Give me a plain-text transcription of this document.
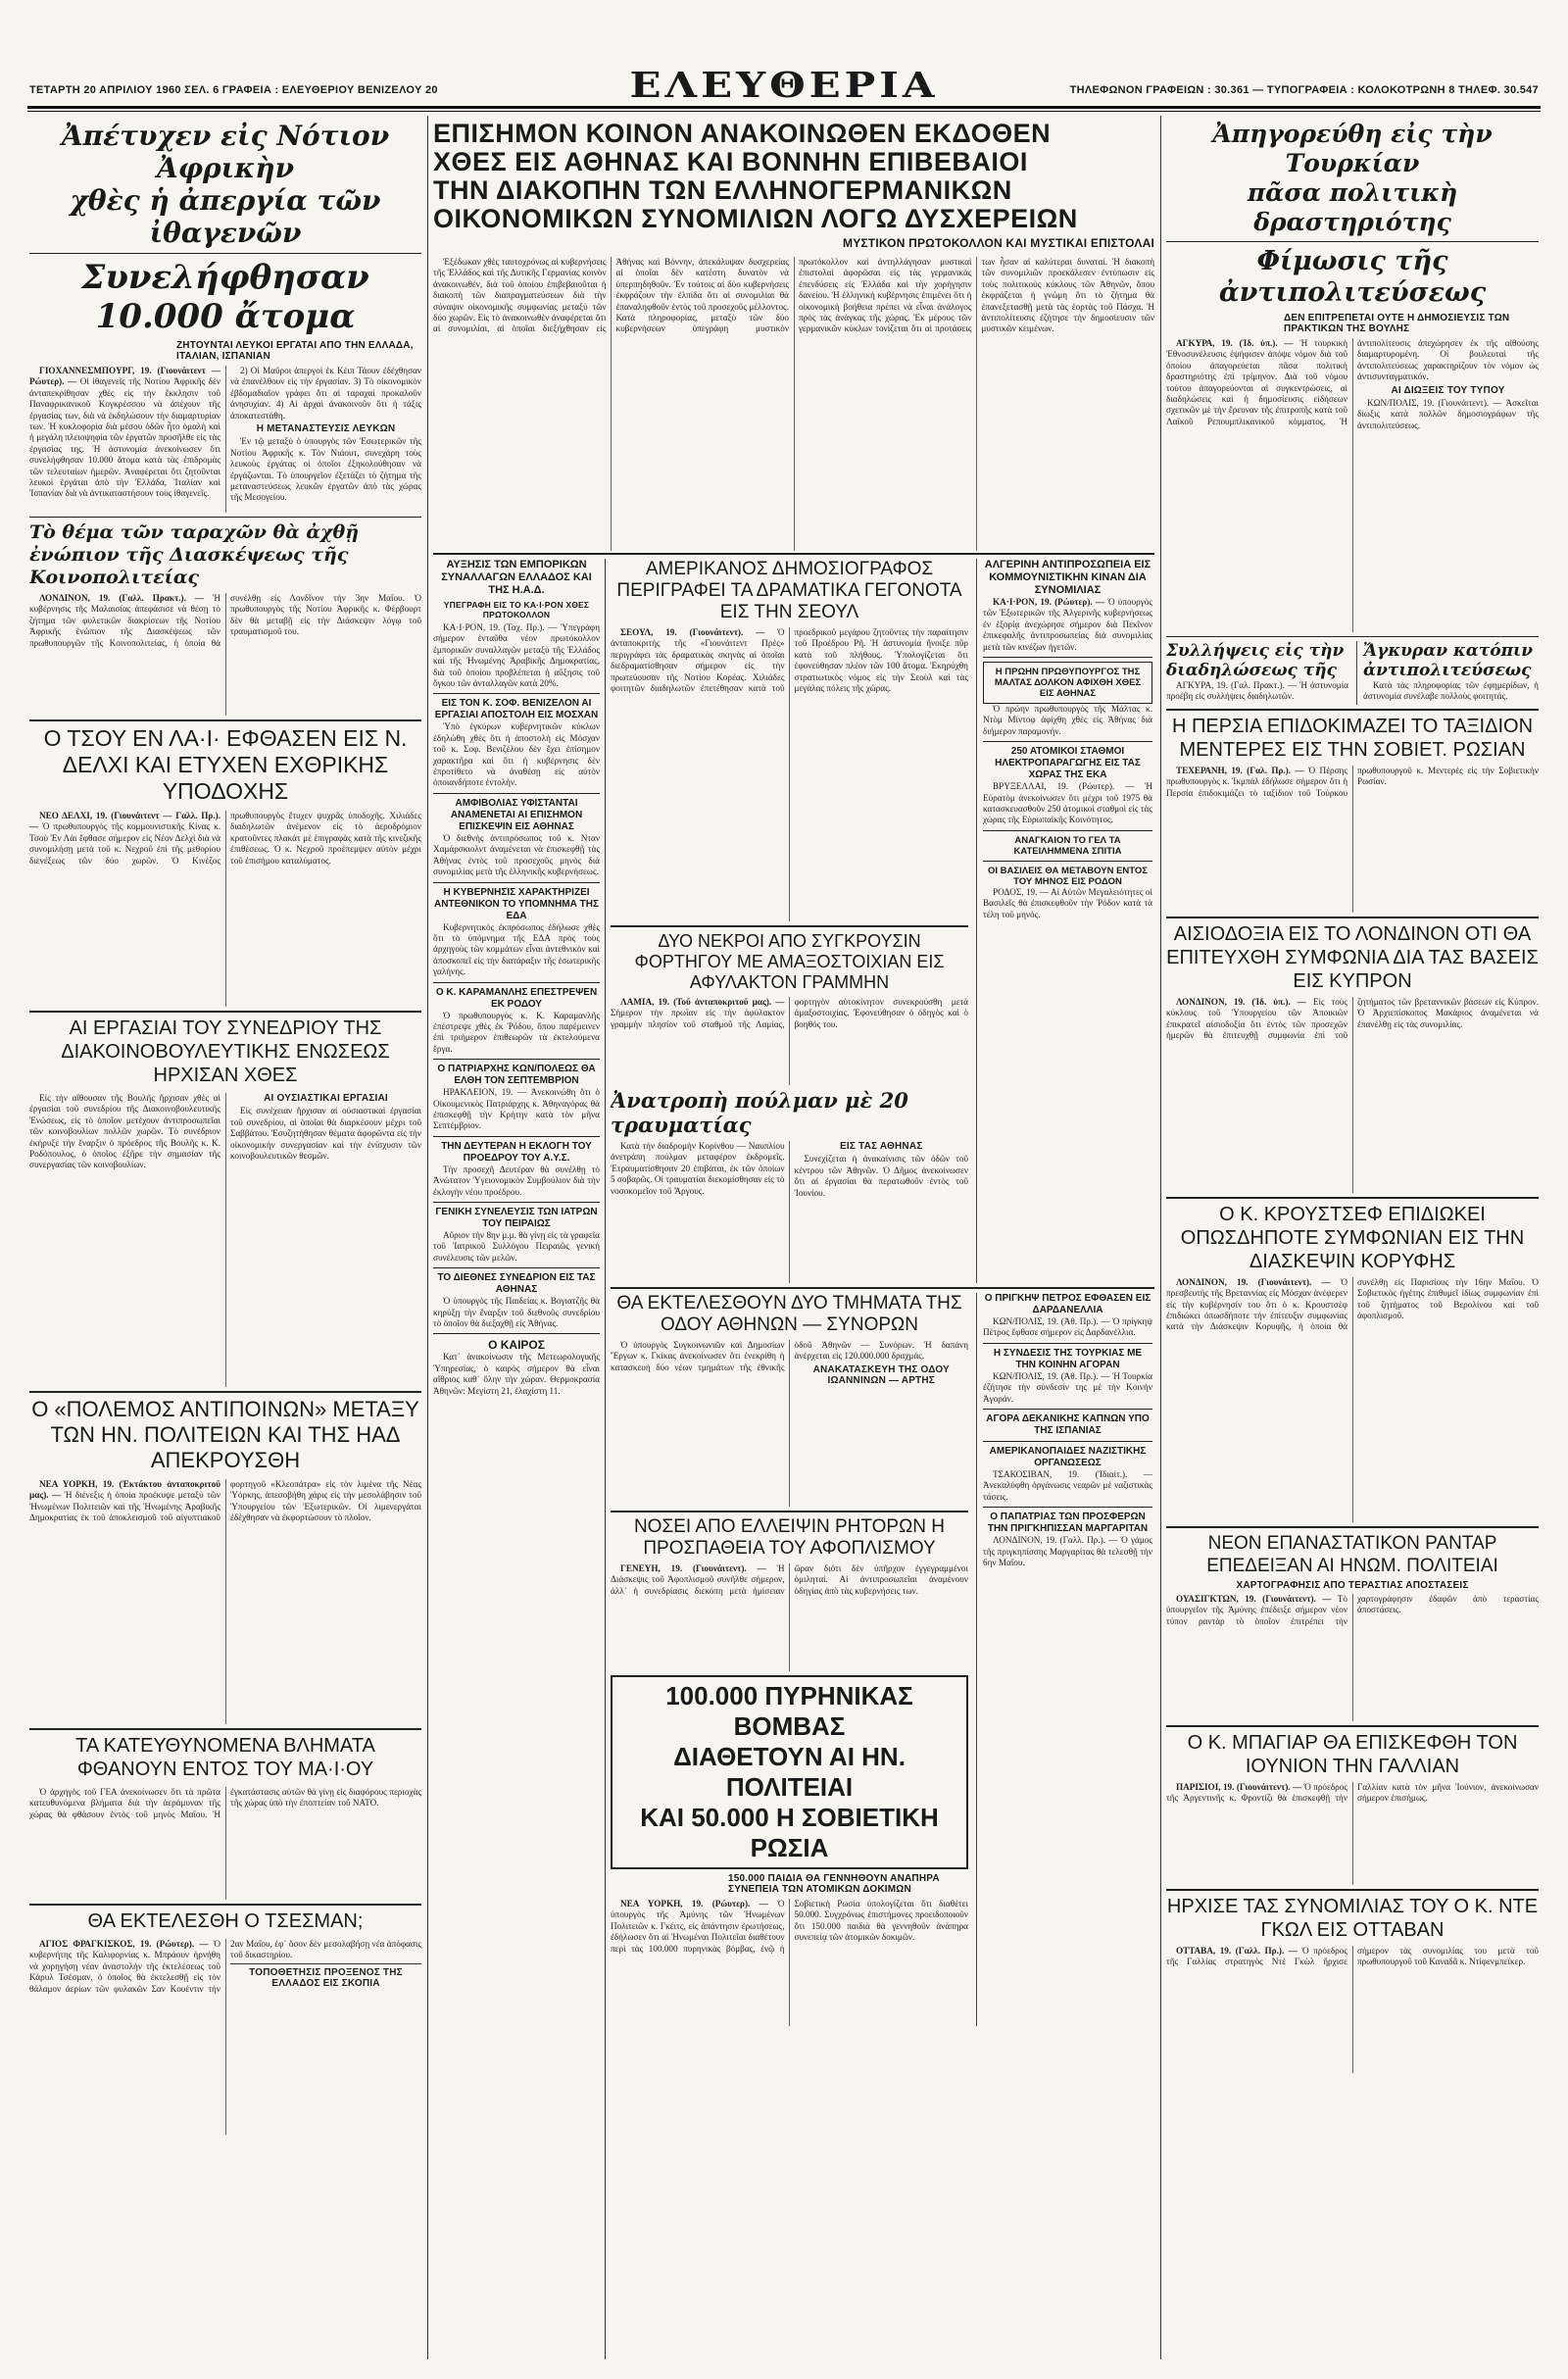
ΤΕΤΑΡΤΗ 20 ΑΠΡΙΛΙΟΥ 1960 ΣΕΛ. 6 ΓΡΑΦΕΙΑ : ΕΛΕΥΘΕΡΙΟΥ ΒΕΝΙΖΕΛΟΥ 20	ΕΛΕΥΘΕΡΙΑ	ΤΗΛΕΦΩΝΟΝ ΓΡΑΦΕΙΩΝ : 30.361 — ΤΥΠΟΓΡΑΦΕΙΑ : ΚΟΛΟΚΟΤΡΩΝΗ 8 ΤΗΛΕΦ. 30.547
Ἀπέτυχεν εἰς Νότιον Ἀφρικὴν
χθὲς ἡ ἀπεργία τῶν ἰθαγενῶν
Συνελήφθησαν 10.000 ἄτομα
ΖΗΤΟΥΝΤΑΙ ΛΕΥΚΟΙ ΕΡΓΑΤΑΙ ΑΠΟ ΤΗΝ ΕΛΛΑΔΑ, ΙΤΑΛΙΑΝ, ΙΣΠΑΝΙΑΝ

ΓΙΟΧΑΝΝΕΣΜΠΟΥΡΓ, 19. (Γιουνάιτεντ — Ρώυτερ). — Οἱ ἰθαγενεῖς τῆς Νοτίου Ἀφρικῆς δὲν ἀνταπεκρίθησαν χθὲς εἰς τὴν ἔκκλησιν τοῦ Παναφρικανικοῦ Κογκρέσσου νὰ ἀπέχουν τῆς ἐργασίας των, διὰ νὰ ἐκδηλώσουν τὴν διαμαρτυρίαν των. Ἡ κυκλοφορία διὰ μέσου ὁδῶν ἦτο ὁμαλὴ καὶ ἡ μεγάλη πλειοψηφία τῶν ἐργατῶν προσῆλθε εἰς τὰς ἐργασίας της. Ἡ ἀστυνομία ἀνεκοίνωσεν ὅτι συνελήφθησαν 10.000 ἄτομα κατὰ τὰς ἐπιδρομὰς τῶν τελευταίων ἡμερῶν. Ἀναφέρεται ὅτι ζητοῦνται λευκοὶ ἐργάται ἀπὸ τὴν Ἑλλάδα, Ἰταλίαν καὶ Ἱσπανίαν διὰ νὰ ἀντικαταστήσουν τοὺς ἰθαγενεῖς.

2) Οἱ Μαῦροι ἀπεργοὶ ἐκ Κέιπ Τάουν ἐδέχθησαν νὰ ἐπανέλθουν εἰς τὴν ἐργασίαν. 3) Τὸ οἰκονομικὸν ἐβδομαδιαῖον γράφει ὅτι αἱ ταραχαὶ προκαλοῦν ἀνησυχίαν. 4) Αἱ ἀρχαὶ ἀνακοινοῦν ὅτι ἡ τάξις ἀποκατεστάθη.

Η ΜΕΤΑΝΑΣΤΕΥΣΙΣ ΛΕΥΚΩΝ

Ἐν τῷ μεταξὺ ὁ ὑπουργὸς τῶν Ἐσωτερικῶν τῆς Νοτίου Ἀφρικῆς κ. Τὸν Νιάουτ, συνεχάρη τοὺς λευκοὺς ἐργάτας οἱ ὁποῖοι ἐξηκολούθησαν νὰ ἐργάζωνται. Τὸ ὑπουργεῖον ἐξετάζει τὸ ζήτημα τῆς μεταναστεύσεως λευκῶν ἐργατῶν ἀπὸ τὰς χώρας τῆς Μεσογείου.

Τὸ θέμα τῶν ταραχῶν θὰ ἀχθῇ ἐνώπιον τῆς Διασκέψεως τῆς Κοινοπολιτείας

ΛΟΝΔΙΝΟΝ, 19. (Γαλλ. Πρακτ.). — Ἡ κυβέρνησις τῆς Μαλαισίας ἀπεφάσισε νὰ θέσῃ τὸ ζήτημα τῶν φυλετικῶν διακρίσεων τῆς Νοτίου Ἀφρικῆς ἐνώπιον τῆς Διασκέψεως τῶν πρωθυπουργῶν τῆς Κοινοπολιτείας, ἡ ὁποία θὰ συνέλθῃ εἰς Λονδῖνον τὴν 3ην Μαΐου. Ὁ πρωθυπουργὸς τῆς Νοτίου Ἀφρικῆς κ. Φέρβουρτ δὲν θὰ μεταβῇ εἰς τὴν Διάσκεψιν λόγῳ τοῦ τραυματισμοῦ του.

Ο ΤΣΟΥ ΕΝ ΛΑ·Ι· ΕΦΘΑΣΕΝ ΕΙΣ Ν. ΔΕΛΧΙ ΚΑΙ ΕΤΥΧΕΝ ΕΧΘΡΙΚΗΣ ΥΠΟΔΟΧΗΣ

ΝΕΟ ΔΕΛΧΙ, 19. (Γιουνάιτεντ — Γαλλ. Πρ.). — Ὁ πρωθυπουργὸς τῆς κομμουνιστικῆς Κίνας κ. Τσοὺ Ἐν Λάι ἔφθασε σήμερον εἰς Νέον Δελχὶ διὰ νὰ συνομιλήσῃ μετὰ τοῦ κ. Νεχροῦ ἐπὶ τῆς μεθορίου διενέξεως τῶν δύο χωρῶν. Ὁ Κινέζος πρωθυπουργὸς ἔτυχεν ψυχρᾶς ὑποδοχῆς. Χιλιάδες διαδηλωτῶν ἀνέμενον εἰς τὸ ἀεροδρόμιον κρατοῦντες πλακάτ μὲ ἐπιγραφὰς κατὰ τῆς κινεζικῆς ἐπιθέσεως. Ὁ κ. Νεχροῦ προέπεμψεν αὐτὸν μέχρι τοῦ ἐπισήμου καταλύματος.

ΑΙ ΕΡΓΑΣΙΑΙ ΤΟΥ ΣΥΝΕΔΡΙΟΥ ΤΗΣ ΔΙΑΚΟΙΝΟΒΟΥΛΕΥΤΙΚΗΣ ΕΝΩΣΕΩΣ ΗΡΧΙΣΑΝ ΧΘΕΣ

Εἰς τὴν αἴθουσαν τῆς Βουλῆς ἤρχισαν χθὲς αἱ ἐργασίαι τοῦ συνεδρίου τῆς Διακοινοβουλευτικῆς Ἑνώσεως, εἰς τὸ ὁποῖον μετέχουν ἀντιπροσωπεῖαι τῶν κοινοβουλίων πολλῶν χωρῶν. Τὸ συνέδριον ἐκήρυξε τὴν ἔναρξιν ὁ πρόεδρος τῆς Βουλῆς κ. Κ. Ροδόπουλος, ὁ ὁποῖος ἐξῆρε τὴν σημασίαν τῆς συνεργασίας τῶν κοινοβουλίων.

ΑΙ ΟΥΣΙΑΣΤΙΚΑΙ ΕΡΓΑΣΙΑΙ

Εἰς συνέχειαν ἤρχισαν αἱ οὐσιαστικαὶ ἐργασίαι τοῦ συνεδρίου, αἱ ὁποῖαι θὰ διαρκέσουν μέχρι τοῦ Σαββάτου. Ἐσυζητήθησαν θέματα ἀφορῶντα εἰς τὴν οἰκονομικὴν συνεργασίαν καὶ τὴν ἐνίσχυσιν τῶν κοινοβουλευτικῶν θεσμῶν.

Ο «ΠΟΛΕΜΟΣ ΑΝΤΙΠΟΙΝΩΝ» ΜΕΤΑΞΥ ΤΩΝ ΗΝ. ΠΟΛΙΤΕΙΩΝ ΚΑΙ ΤΗΣ ΗΑΔ ΑΠΕΚΡΟΥΣΘΗ

ΝΕΑ ΥΟΡΚΗ, 19. (Ἐκτάκτου ἀνταποκριτοῦ μας). — Ἡ διένεξις ἡ ὁποία προέκυψε μεταξὺ τῶν Ἡνωμένων Πολιτειῶν καὶ τῆς Ἡνωμένης Ἀραβικῆς Δημοκρατίας ἐκ τοῦ ἀποκλεισμοῦ τοῦ αἰγυπτιακοῦ φορτηγοῦ «Κλεοπάτρα» εἰς τὸν λιμένα τῆς Νέας Ὑόρκης, ἀπεσοβήθη χάρις εἰς τὴν μεσολάβησιν τοῦ Ὑπουργείου τῶν Ἐξωτερικῶν. Οἱ λιμενεργάται ἐδέχθησαν νὰ ἐκφορτώσουν τὸ πλοῖον.

ΤΑ ΚΑΤΕΥΘΥΝΟΜΕΝΑ ΒΛΗΜΑΤΑ ΦΘΑΝΟΥΝ ΕΝΤΟΣ ΤΟΥ ΜΑ·Ι·ΟΥ

Ὁ ἀρχηγὸς τοῦ ΓΕΑ ἀνεκοίνωσεν ὅτι τὰ πρῶτα κατευθυνόμενα βλήματα διὰ τὴν ἀεράμυναν τῆς χώρας θὰ φθάσουν ἐντὸς τοῦ μηνὸς Μαΐου. Ἡ ἐγκατάστασις αὐτῶν θὰ γίνῃ εἰς διαφόρους περιοχὰς τῆς χώρας ὑπὸ τὴν ἐποπτείαν τοῦ ΝΑΤΟ.

ΘΑ ΕΚΤΕΛΕΣΘΗ Ο ΤΣΕΣΜΑΝ;

ΑΓΙΟΣ ΦΡΑΓΚΙΣΚΟΣ, 19. (Ρώυτερ). — Ὁ κυβερνήτης τῆς Καλιφορνίας κ. Μπράουν ἠρνήθη νὰ χορηγήσῃ νέαν ἀναστολὴν τῆς ἐκτελέσεως τοῦ Κάρυλ Τσέσμαν, ὁ ὁποῖος θὰ ἐκτελεσθῇ εἰς τὸν θάλαμον ἀερίων τῶν φυλακῶν Σαν Κουέντιν τὴν 2αν Μαΐου, ἐφ᾽ ὅσον δὲν μεσολαβήσῃ νέα ἀπόφασις τοῦ δικαστηρίου.

ΤΟΠΟΘΕΤΗΣΙΣ ΠΡΟΞΕΝΟΣ ΤΗΣ ΕΛΛΑΔΟΣ ΕΙΣ ΣΚΟΠΙΑ

ΕΠΙΣΗΜΟΝ ΚΟΙΝΟΝ ΑΝΑΚΟΙΝΩΘΕΝ ΕΚΔΟΘΕΝ
ΧΘΕΣ ΕΙΣ ΑΘΗΝΑΣ ΚΑΙ ΒΟΝΝΗΝ ΕΠΙΒΕΒΑΙΟΙ
ΤΗΝ ΔΙΑΚΟΠΗΝ ΤΩΝ ΕΛΛΗΝΟΓΕΡΜΑΝΙΚΩΝ
ΟΙΚΟΝΟΜΙΚΩΝ ΣΥΝΟΜΙΛΙΩΝ ΛΟΓΩ ΔΥΣΧΕΡΕΙΩΝ
ΜΥΣΤΙΚΟΝ ΠΡΩΤΟΚΟΛΛΟΝ ΚΑΙ ΜΥΣΤΙΚΑΙ ΕΠΙΣΤΟΛΑΙ

Ἐξέδωκαν χθὲς ταυτοχρόνως αἱ κυβερνήσεις τῆς Ἑλλάδος καὶ τῆς Δυτικῆς Γερμανίας κοινὸν ἀνακοινωθέν, διὰ τοῦ ὁποίου ἐπιβεβαιοῦται ἡ διακοπὴ τῶν διαπραγματεύσεων διὰ τὴν σύναψιν οἰκονομικῆς συμφωνίας μεταξὺ τῶν δύο χωρῶν. Εἰς τὸ ἀνακοινωθὲν ἀναφέρεται ὅτι αἱ συνομιλίαι, αἱ ὁποῖαι διεξήχθησαν εἰς Ἀθήνας καὶ Βόννην, ἀπεκάλυψαν δυσχερείας αἱ ὁποῖαι δὲν κατέστη δυνατὸν νὰ ὑπερπηδηθοῦν. Ἐν τούτοις αἱ δύο κυβερνήσεις ἐκφράζουν τὴν ἐλπίδα ὅτι αἱ συνομιλίαι θὰ ἐπαναληφθοῦν ἐντὸς τοῦ προσεχοῦς μέλλοντος. Κατὰ πληροφορίας, μεταξὺ τῶν δύο κυβερνήσεων ὑπεγράφη μυστικὸν πρωτόκολλον καὶ ἀντηλλάγησαν μυστικαὶ ἐπιστολαὶ ἀφορῶσαι εἰς τὰς γερμανικὰς ἐπενδύσεις εἰς Ἑλλάδα καὶ τὴν χορήγησιν δανείου. Ἡ ἑλληνικὴ κυβέρνησις ἐπιμένει ὅτι ἡ οἰκονομικὴ βοήθεια πρέπει νὰ εἶναι ἀνάλογος πρὸς τὰς ἀνάγκας τῆς χώρας. Ἐκ μέρους τῶν γερμανικῶν κύκλων τονίζεται ὅτι αἱ προτάσεις των ἦσαν αἱ καλύτεραι δυναταί. Ἡ διακοπὴ τῶν συνομιλιῶν προεκάλεσεν ἐντύπωσιν εἰς τοὺς πολιτικοὺς κύκλους τῶν Ἀθηνῶν, ὅπου ἐκφράζεται ἡ γνώμη ὅτι τὸ ζήτημα θὰ ἐπανεξετασθῇ μετὰ τὰς ἑορτὰς τοῦ Πάσχα. Ἡ ἀντιπολίτευσις ἐζήτησε τὴν δημοσίευσιν τῶν μυστικῶν κειμένων.

ΑΥΞΗΣΙΣ ΤΩΝ ΕΜΠΟΡΙΚΩΝ ΣΥΝΑΛΛΑΓΩΝ ΕΛΛΑΔΟΣ ΚΑΙ ΤΗΣ Η.Α.Δ.
ΥΠΕΓΡΑΦΗ ΕΙΣ ΤΟ ΚΑ·Ι·ΡΟΝ ΧΘΕΣ ΠΡΩΤΟΚΟΛΛΟΝ

ΚΑ·Ι·ΡΟΝ, 19. (Ταχ. Πρ.). — Ὑπεγράφη σήμερον ἐνταῦθα νέον πρωτόκολλον ἐμπορικῶν συναλλαγῶν μεταξὺ τῆς Ἑλλάδος καὶ τῆς Ἡνωμένης Ἀραβικῆς Δημοκρατίας, διὰ τοῦ ὁποίου προβλέπεται ἡ αὔξησις τοῦ ὄγκου τῶν ἀνταλλαγῶν κατὰ 20%.

ΕΙΣ ΤΟΝ Κ. ΣΟΦ. ΒΕΝΙΖΕΛΟΝ ΑΙ ΕΡΓΑΣΙΑΙ ΑΠΟΣΤΟΛΗ ΕΙΣ ΜΟΣΧΑΝ

Ὑπὸ ἐγκύρων κυβερνητικῶν κύκλων ἐδηλώθη χθὲς ὅτι ἡ ἀποστολὴ εἰς Μόσχαν τοῦ κ. Σοφ. Βενιζέλου δὲν ἔχει ἐπίσημον χαρακτῆρα καὶ ὅτι ἡ κυβέρνησις δὲν ἐπροτίθετο νὰ ἀναθέσῃ εἰς αὐτὸν ὁποιανδήποτε ἐντολήν.

ΑΜΦΙΒΟΛΙΑΣ ΥΦΙΣΤΑΝΤΑΙ ΑΝΑΜΕΝΕΤΑΙ ΑΙ ΕΠΙΣΗΜΟΝ ΕΠΙΣΚΕΨΙΝ ΕΙΣ ΑΘΗΝΑΣ

Ὁ διεθνὴς ἀντιπρόσωπος τοῦ κ. Νταν Χαμάρσκιολντ ἀναμένεται νὰ ἐπισκεφθῇ τὰς Ἀθήνας ἐντὸς τοῦ προσεχοῦς μηνὸς διὰ συνομιλίας μετὰ τῆς ἑλληνικῆς κυβερνήσεως.

Η ΚΥΒΕΡΝΗΣΙΣ ΧΑΡΑΚΤΗΡΙΖΕΙ ΑΝΤΕΘΝΙΚΟΝ ΤΟ ΥΠΟΜΝΗΜΑ ΤΗΣ ΕΔΑ

Κυβερνητικὸς ἐκπρόσωπος ἐδήλωσε χθὲς ὅτι τὸ ὑπόμνημα τῆς ΕΔΑ πρὸς τοὺς ἀρχηγοὺς τῶν κομμάτων εἶναι ἀντεθνικὸν καὶ ἀποσκοπεῖ εἰς τὴν διατάραξιν τῆς ἐσωτερικῆς γαλήνης.

Ο Κ. ΚΑΡΑΜΑΝΛΗΣ ΕΠΕΣΤΡΕΨΕΝ ΕΚ ΡΟΔΟΥ

Ὁ πρωθυπουργὸς κ. Κ. Καραμανλῆς ἐπέστρεψε χθὲς ἐκ Ῥόδου, ὅπου παρέμεινεν ἐπὶ τριήμερον ἐπιθεωρῶν τὰ ἐκτελούμενα ἔργα.

Ο ΠΑΤΡΙΑΡΧΗΣ ΚΩΝ/ΠΟΛΕΩΣ ΘΑ ΕΛΘΗ ΤΟΝ ΣΕΠΤΕΜΒΡΙΟΝ

ΗΡΑΚΛΕΙΟΝ, 19. — Ἀνεκοινώθη ὅτι ὁ Οἰκουμενικὸς Πατριάρχης κ. Ἀθηναγόρας θὰ ἐπισκεφθῇ τὴν Κρήτην κατὰ τὸν μῆνα Σεπτέμβριον.

ΤΗΝ ΔΕΥΤΕΡΑΝ Η ΕΚΛΟΓΗ ΤΟΥ ΠΡΟΕΔΡΟΥ ΤΟΥ Α.Υ.Σ.

Τὴν προσεχῆ Δευτέραν θὰ συνέλθῃ τὸ Ἀνώτατον Ὑγειονομικὸν Συμβούλιον διὰ τὴν ἐκλογὴν νέου προέδρου.

ΓΕΝΙΚΗ ΣΥΝΕΛΕΥΣΙΣ ΤΩΝ ΙΑΤΡΩΝ ΤΟΥ ΠΕΙΡΑΙΩΣ

Αὔριον τὴν 8ην μ.μ. θὰ γίνῃ εἰς τὰ γραφεῖα τοῦ Ἰατρικοῦ Συλλόγου Πειραιῶς γενικὴ συνέλευσις τῶν μελῶν.

ΤΟ ΔΙΕΘΝΕΣ ΣΥΝΕΔΡΙΟΝ ΕΙΣ ΤΑΣ ΑΘΗΝΑΣ

Ὁ ὑπουργὸς τῆς Παιδείας κ. Βογιατζῆς θὰ κηρύξῃ τὴν ἔναρξιν τοῦ διεθνοῦς συνεδρίου τὸ ὁποῖον θὰ διεξαχθῇ εἰς Ἀθήνας.

Ο ΚΑΙΡΟΣ

Κατ᾽ ἀνακοίνωσιν τῆς Μετεωρολογικῆς Ὑπηρεσίας, ὁ καιρὸς σήμερον θὰ εἶναι αἴθριος καθ᾽ ὅλην τὴν χώραν. Θερμοκρασία Ἀθηνῶν: Μεγίστη 21, ἐλαχίστη 11.

ΑΜΕΡΙΚΑΝΟΣ ΔΗΜΟΣΙΟΓΡΑΦΟΣ ΠΕΡΙΓΡΑΦΕΙ ΤΑ ΔΡΑΜΑΤΙΚΑ ΓΕΓΟΝΟΤΑ ΕΙΣ ΤΗΝ ΣΕΟΥΛ

ΣΕΟΥΛ, 19. (Γιουνάιτεντ). — Ὁ ἀνταποκριτὴς τῆς «Γιουνάιτεντ Πρὲς» περιγράφει τὰς δραματικὰς σκηνὰς αἱ ὁποῖαι διεδραματίσθησαν σήμερον εἰς τὴν πρωτεύουσαν τῆς Νοτίου Κορέας. Χιλιάδες φοιτητῶν διαδηλωτῶν ἐπετέθησαν κατὰ τοῦ προεδρικοῦ μεγάρου ζητοῦντες τὴν παραίτησιν τοῦ Προέδρου Ρῆ. Ἡ ἀστυνομία ἤνοιξε πῦρ κατὰ τοῦ πλήθους. Ὑπολογίζεται ὅτι ἐφονεύθησαν πλέον τῶν 100 ἄτομα. Ἐκηρύχθη στρατιωτικὸς νόμος εἰς τὴν Σεοὺλ καὶ τὰς μεγάλας πόλεις τῆς χώρας.

ΔΥΟ ΝΕΚΡΟΙ ΑΠΟ ΣΥΓΚΡΟΥΣΙΝ ΦΟΡΤΗΓΟΥ ΜΕ ΑΜΑΞΟΣΤΟΙΧΙΑΝ ΕΙΣ ΑΦΥΛΑΚΤΟΝ ΓΡΑΜΜΗΝ

ΛΑΜΙΑ, 19. (Τοῦ ἀνταποκριτοῦ μας). — Σήμερον τὴν πρωΐαν εἰς τὴν ἀφύλακτον γραμμὴν πλησίον τοῦ σταθμοῦ τῆς Λαμίας, φορτηγὸν αὐτοκίνητον συνεκρούσθη μετὰ ἀμαξοστοιχίας. Ἐφονεύθησαν ὁ ὁδηγὸς καὶ ὁ βοηθός του.

Ἀνατροπὴ πούλμαν μὲ 20 τραυματίας

Κατὰ τὴν διαδρομὴν Κορίνθου — Ναυπλίου ἀνετράπη πούλμαν μεταφέρον ἐκδρομεῖς. Ἐτραυματίσθησαν 20 ἐπιβάται, ἐκ τῶν ὁποίων 5 σοβαρῶς. Οἱ τραυματίαι διεκομίσθησαν εἰς τὸ νοσοκομεῖον τοῦ Ἄργους.

ΕΙΣ ΤΑΣ ΑΘΗΝΑΣ

Συνεχίζεται ἡ ἀνακαίνισις τῶν ὁδῶν τοῦ κέντρου τῶν Ἀθηνῶν. Ὁ Δῆμος ἀνεκοίνωσεν ὅτι αἱ ἐργασίαι θὰ περατωθοῦν ἐντὸς τοῦ Ἰουνίου.

ΑΛΓΕΡΙΝΗ ΑΝΤΙΠΡΟΣΩΠΕΙΑ ΕΙΣ ΚΟΜΜΟΥΝΙΣΤΙΚΗΝ ΚΙΝΑΝ ΔΙΑ ΣΥΝΟΜΙΛΙΑΣ

ΚΑ·Ι·ΡΟΝ, 19. (Ρώυτερ). — Ὁ ὑπουργὸς τῶν Ἐξωτερικῶν τῆς Ἀλγερινῆς κυβερνήσεως ἐν ἐξορίᾳ ἀνεχώρησε σήμερον διὰ Πεκῖνον ἐπικεφαλῆς ἀντιπροσωπείας διὰ συνομιλίας μετὰ τῶν κινέζων ἡγετῶν.

Η ΠΡΩΗΝ ΠΡΩΘΥΠΟΥΡΓΟΣ ΤΗΣ ΜΑΛΤΑΣ ΔΟΛΚΟΝ ΑΦΙΧΘΗ ΧΘΕΣ ΕΙΣ ΑΘΗΝΑΣ

Ὁ πρώην πρωθυπουργὸς τῆς Μάλτας κ. Ντὸμ Μίντοφ ἀφίχθη χθὲς εἰς Ἀθήνας διὰ διήμερον παραμονήν.

250 ΑΤΟΜΙΚΟΙ ΣΤΑΘΜΟΙ ΗΛΕΚΤΡΟΠΑΡΑΓΩΓΗΣ ΕΙΣ ΤΑΣ ΧΩΡΑΣ ΤΗΣ ΕΚΑ

ΒΡΥΞΕΛΛΑΙ, 19. (Ρώυτερ). — Ἡ Εὐρατὸμ ἀνεκοίνωσεν ὅτι μέχρι τοῦ 1975 θὰ κατασκευασθοῦν 250 ἀτομικοὶ σταθμοὶ εἰς τὰς χώρας τῆς Εὐρωπαϊκῆς Κοινότητος.

ΑΝΑΓΚΑΙΟΝ ΤΟ ΓΕΛ ΤΑ ΚΑΤΕΙΛΗΜΜΕΝΑ ΣΠΙΤΙΑ
ΟΙ ΒΑΣΙΛΕΙΣ ΘΑ ΜΕΤΑΒΟΥΝ ΕΝΤΟΣ ΤΟΥ ΜΗΝΟΣ ΕΙΣ ΡΟΔΟΝ

ΡΟΔΟΣ, 19. — Αἱ Αὐτῶν Μεγαλειότητες οἱ Βασιλεῖς θὰ ἐπισκεφθοῦν τὴν Ῥόδον κατὰ τὰ τέλη τοῦ μηνός.

ΘΑ ΕΚΤΕΛΕΣΘΟΥΝ ΔΥΟ ΤΜΗΜΑΤΑ ΤΗΣ ΟΔΟΥ ΑΘΗΝΩΝ — ΣΥΝΟΡΩΝ

Ὁ ὑπουργὸς Συγκοινωνιῶν καὶ Δημοσίων Ἔργων κ. Γκίκας ἀνεκοίνωσεν ὅτι ἐνεκρίθη ἡ κατασκευὴ δύο νέων τμημάτων τῆς ἐθνικῆς ὁδοῦ Ἀθηνῶν — Συνόρων. Ἡ δαπάνη ἀνέρχεται εἰς 120.000.000 δραχμάς.

ΑΝΑΚΑΤΑΣΚΕΥΗ ΤΗΣ ΟΔΟΥ ΙΩΑΝΝΙΝΩΝ — ΑΡΤΗΣ

ΝΟΣΕΙ ΑΠΟ ΕΛΛΕΙΨΙΝ ΡΗΤΟΡΩΝ Η ΠΡΟΣΠΑΘΕΙΑ ΤΟΥ ΑΦΟΠΛΙΣΜΟΥ

ΓΕΝΕΥΗ, 19. (Γιουνάιτεντ). — Ἡ Διάσκεψις τοῦ Ἀφοπλισμοῦ συνῆλθε σήμερον, ἀλλ᾽ ἡ συνεδρίασις διεκόπη μετὰ ἡμίσειαν ὥραν διότι δὲν ὑπῆρχον ἐγγεγραμμένοι ὁμιληταί. Αἱ ἀντιπροσωπεῖαι ἀναμένουν ὁδηγίας ἀπὸ τὰς κυβερνήσεις των.

100.000 ΠΥΡΗΝΙΚΑΣ ΒΟΜΒΑΣ
ΔΙΑΘΕΤΟΥΝ ΑΙ ΗΝ. ΠΟΛΙΤΕΙΑΙ
ΚΑΙ 50.000 Η ΣΟΒΙΕΤΙΚΗ ΡΩΣΙΑ
150.000 ΠΑΙΔΙΑ ΘΑ ΓΕΝΝΗΘΟΥΝ ΑΝΑΠΗΡΑ ΣΥΝΕΠΕΙΑ ΤΩΝ ΑΤΟΜΙΚΩΝ ΔΟΚΙΜΩΝ

ΝΕΑ ΥΟΡΚΗ, 19. (Ρώυτερ). — Ὁ ὑπουργὸς τῆς Ἀμύνης τῶν Ἡνωμένων Πολιτειῶν κ. Γκέιτς, εἰς ἀπάντησιν ἐρωτήσεως, ἐδήλωσεν ὅτι αἱ Ἡνωμέναι Πολιτεῖαι διαθέτουν περὶ τὰς 100.000 πυρηνικὰς βόμβας, ἐνῷ ἡ Σοβιετικὴ Ρωσία ὑπολογίζεται ὅτι διαθέτει 50.000. Συγχρόνως ἐπιστήμονες προειδοποιοῦν ὅτι 150.000 παιδιὰ θὰ γεννηθοῦν ἀνάπηρα συνεπείᾳ τῶν ἀτομικῶν δοκιμῶν.

Ο ΠΡΙΓΚΗΨ ΠΕΤΡΟΣ ΕΦΘΑΣΕΝ ΕΙΣ ΔΑΡΔΑΝΕΛΛΙΑ

ΚΩΝ/ΠΟΛΙΣ, 19. (Ἀθ. Πρ.). — Ὁ πρίγκηψ Πέτρος ἔφθασε σήμερον εἰς Δαρδανέλλια.

Η ΣΥΝΔΕΣΙΣ ΤΗΣ ΤΟΥΡΚΙΑΣ ΜΕ ΤΗΝ ΚΟΙΝΗΝ ΑΓΟΡΑΝ

ΚΩΝ/ΠΟΛΙΣ, 19. (Ἀθ. Πρ.). — Ἡ Τουρκία ἐζήτησε τὴν σύνδεσίν της μὲ τὴν Κοινὴν Ἀγοράν.

ΑΓΟΡΑ ΔΕΚΑΝΙΚΗΣ ΚΑΠΝΩΝ ΥΠΟ ΤΗΣ ΙΣΠΑΝΙΑΣ
ΑΜΕΡΙΚΑΝΟΠΑΙΔΕΣ ΝΑΖΙΣΤΙΚΗΣ ΟΡΓΑΝΩΣΕΩΣ

ΤΣΑΚΟΣΙΒΑΝ, 19. (Ἰδιαίτ.). — Ἀνεκαλύφθη ὀργάνωσις νεαρῶν μὲ ναζιστικὰς τάσεις.

Ο ΠΑΠΑΤΡΙΑΣ ΤΩΝ ΠΡΟΣΦΕΡΩΝ ΤΗΝ ΠΡΙΓΚΗΠΙΣΣΑΝ ΜΑΡΓΑΡΙΤΑΝ

ΛΟΝΔΙΝΟΝ, 19. (Γαλλ. Πρ.). — Ὁ γάμος τῆς πριγκηπίσσης Μαργαρίτας θὰ τελεσθῇ τὴν 6ην Μαΐου.

Ἀπηγορεύθη εἰς τὴν Τουρκίαν
πᾶσα πολιτικὴ δραστηριότης
Φίμωσις τῆς ἀντιπολιτεύσεως
ΔΕΝ ΕΠΙΤΡΕΠΕΤΑΙ ΟΥΤΕ Η ΔΗΜΟΣΙΕΥΣΙΣ ΤΩΝ ΠΡΑΚΤΙΚΩΝ ΤΗΣ ΒΟΥΛΗΣ

ΑΓΚΥΡΑ, 19. (Ἰδ. ὑπ.). — Ἡ τουρκικὴ Ἐθνοσυνέλευσις ἐψήφισεν ἀπόψε νόμον διὰ τοῦ ὁποίου ἀπαγορεύεται πᾶσα πολιτικὴ δραστηριότης ἐπὶ τρίμηνον. Διὰ τοῦ νόμου τούτου ἀπαγορεύονται αἱ συγκεντρώσεις, αἱ διαδηλώσεις καὶ ἡ δημοσίευσις εἰδήσεων σχετικῶν μὲ τὴν ἔρευναν τῆς ἐπιτροπῆς κατὰ τοῦ Λαϊκοῦ Ρεπουμπλικανικοῦ κόμματος. Ἡ ἀντιπολίτευσις ἀπεχώρησεν ἐκ τῆς αἰθούσης διαμαρτυρομένη. Οἱ βουλευταὶ τῆς ἀντιπολιτεύσεως χαρακτηρίζουν τὸν νόμον ὡς ἀντισυνταγματικόν.

ΑΙ ΔΙΩΞΕΙΣ ΤΟΥ ΤΥΠΟΥ

ΚΩΝ/ΠΟΛΙΣ, 19. (Γιουνάιτεντ). — Ἀσκεῖται δίωξις κατὰ πολλῶν δημοσιογράφων τῆς ἀντιπολιτεύσεως.

Συλλήψεις εἰς τὴν διαδηλώσεως τῆς

ΑΓΚΥΡΑ, 19. (Γαλ. Πρακτ.). — Ἡ ἀστυνομία προέβη εἰς συλλήψεις διαδηλωτῶν.

Ἄγκυραν κατόπιν ἀντιπολιτεύσεως

Κατὰ τὰς πληροφορίας τῶν ἐφημερίδων, ἡ ἀστυνομία συνέλαβε πολλοὺς φοιτητάς.

Η ΠΕΡΣΙΑ ΕΠΙΔΟΚΙΜΑΖΕΙ ΤΟ ΤΑΞΙΔΙΟΝ ΜΕΝΤΕΡΕΣ ΕΙΣ ΤΗΝ ΣΟΒΙΕΤ. ΡΩΣΙΑΝ

ΤΕΧΕΡΑΝΗ, 19. (Γαλ. Πρ.). — Ὁ Πέρσης πρωθυπουργὸς κ. Ἰκμπάλ ἐδήλωσε σήμερον ὅτι ἡ Περσία ἐπιδοκιμάζει τὸ ταξίδιον τοῦ Τούρκου πρωθυπουργοῦ κ. Μεντερὲς εἰς τὴν Σοβιετικὴν Ρωσίαν.

ΑΙΣΙΟΔΟΞΙΑ ΕΙΣ ΤΟ ΛΟΝΔΙΝΟΝ ΟΤΙ ΘΑ ΕΠΙΤΕΥΧΘΗ ΣΥΜΦΩΝΙΑ ΔΙΑ ΤΑΣ ΒΑΣΕΙΣ ΕΙΣ ΚΥΠΡΟΝ

ΛΟΝΔΙΝΟΝ, 19. (Ἰδ. ὑπ.). — Εἰς τοὺς κύκλους τοῦ Ὑπουργείου τῶν Ἀποικιῶν ἐπικρατεῖ αἰσιοδοξία ὅτι ἐντὸς τῶν προσεχῶν ἡμερῶν θὰ ἐπιτευχθῇ συμφωνία ἐπὶ τοῦ ζητήματος τῶν βρεταννικῶν βάσεων εἰς Κύπρον. Ὁ Ἀρχιεπίσκοπος Μακάριος ἀναμένεται νὰ ἐπανέλθῃ εἰς τὰς συνομιλίας.

Ο Κ. ΚΡΟΥΣΤΣΕΦ ΕΠΙΔΙΩΚΕΙ ΟΠΩΣΔΗΠΟΤΕ ΣΥΜΦΩΝΙΑΝ ΕΙΣ ΤΗΝ ΔΙΑΣΚΕΨΙΝ ΚΟΡΥΦΗΣ

ΛΟΝΔΙΝΟΝ, 19. (Γιουνάιτεντ). — Ὁ πρεσβευτὴς τῆς Βρεταννίας εἰς Μόσχαν ἀνέφερεν εἰς τὴν κυβέρνησίν του ὅτι ὁ κ. Κρουστσὲφ ἐπιδιώκει ὁπωσδήποτε τὴν ἐπίτευξιν συμφωνίας κατὰ τὴν Διάσκεψιν Κορυφῆς, ἡ ὁποία θὰ συνέλθῃ εἰς Παρισίους τὴν 16ην Μαΐου. Ὁ Σοβιετικὸς ἡγέτης ἐπιθυμεῖ ἰδίως συμφωνίαν ἐπὶ τοῦ ζητήματος τοῦ Βερολίνου καὶ τοῦ ἀφοπλισμοῦ.

ΝΕΟΝ ΕΠΑΝΑΣΤΑΤΙΚΟΝ ΡΑΝΤΑΡ ΕΠΕΔΕΙΞΑΝ ΑΙ ΗΝΩΜ. ΠΟΛΙΤΕΙΑΙ
ΧΑΡΤΟΓΡΑΦΗΣΙΣ ΑΠΟ ΤΕΡΑΣΤΙΑΣ ΑΠΟΣΤΑΣΕΙΣ

ΟΥΑΣΙΓΚΤΩΝ, 19. (Γιουνάιτεντ). — Τὸ ὑπουργεῖον τῆς Ἀμύνης ἐπέδειξε σήμερον νέον τύπον ραντὰρ τὸ ὁποῖον ἐπιτρέπει τὴν χαρτογράφησιν ἐδαφῶν ἀπὸ τεραστίας ἀποστάσεις.

Ο Κ. ΜΠΑΓΙΑΡ ΘΑ ΕΠΙΣΚΕΦΘΗ ΤΟΝ ΙΟΥΝΙΟΝ ΤΗΝ ΓΑΛΛΙΑΝ

ΠΑΡΙΣΙΟΙ, 19. (Γιουνάιτεντ). — Ὁ πρόεδρος τῆς Ἀργεντινῆς κ. Φροντίζι θὰ ἐπισκεφθῇ τὴν Γαλλίαν κατὰ τὸν μῆνα Ἰούνιον, ἀνεκοίνωσαν σήμερον ἐπισήμως.

ΗΡΧΙΣΕ ΤΑΣ ΣΥΝΟΜΙΛΙΑΣ ΤΟΥ Ο Κ. ΝΤΕ ΓΚΩΛ ΕΙΣ ΟΤΤΑΒΑΝ

ΟΤΤΑΒΑ, 19. (Γαλλ. Πρ.). — Ὁ πρόεδρος τῆς Γαλλίας στρατηγὸς Ντὲ Γκὼλ ἤρχισε σήμερον τὰς συνομιλίας του μετὰ τοῦ πρωθυπουργοῦ τοῦ Καναδᾶ κ. Ντίφενμπεϊκερ.
